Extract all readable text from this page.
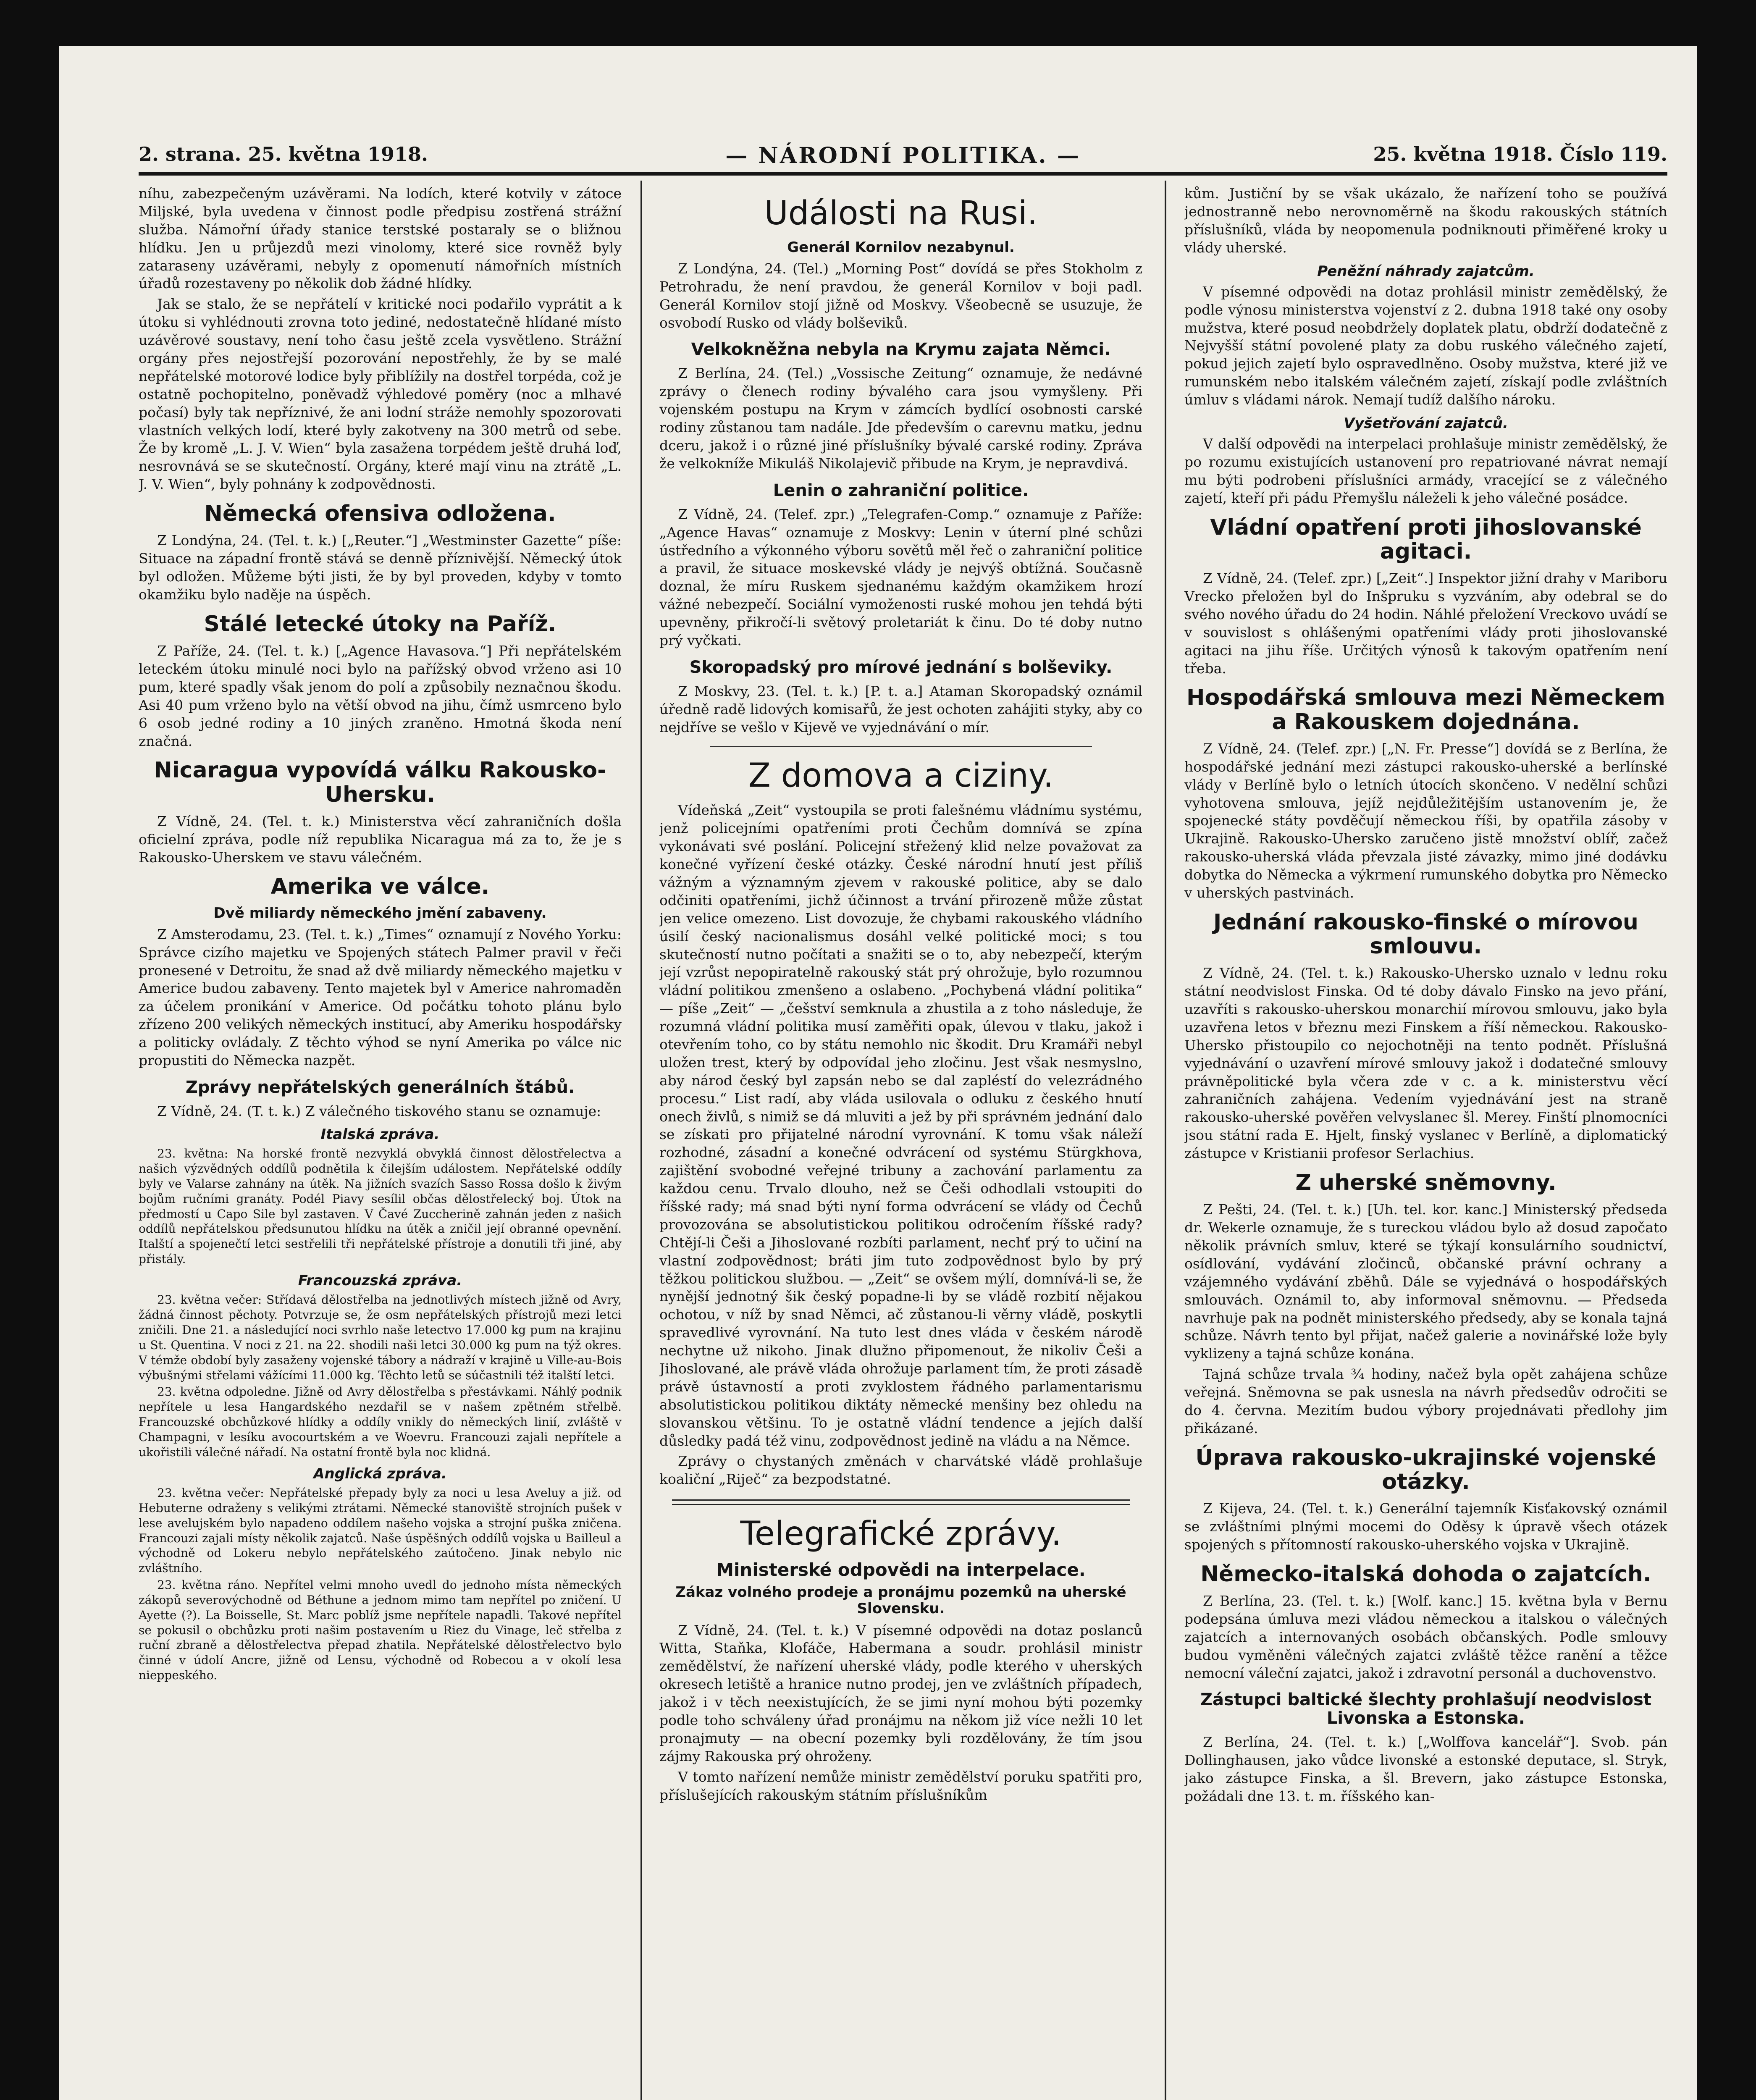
2. strana. 25. května 1918.	— NÁRODNÍ POLITIKA. —	25. května 1918. Číslo 119.

níhu, zabezpečeným uzávěrami. Na lodích, které kotvily v zátoce Miljské, byla uvedena v činnost podle předpisu zostřená strážní služba. Námořní úřady stanice terstské postaraly se o bližnou hlídku. Jen u průjezdů mezi vinolomy, které sice rovněž byly zataraseny uzávěrami, nebyly z opomenutí námořních místních úřadů rozestaveny po několik dob žádné hlídky.

Jak se stalo, že se nepřátelí v kritické noci podařilo vyprátit a k útoku si vyhlédnouti zrovna toto jediné, nedostatečně hlídané místo uzávěrové soustavy, není toho času ještě zcela vysvětleno. Strážní orgány přes nejostřejší pozorování nepostřehly, že by se malé nepřátelské motorové lodice byly přiblížily na dostřel torpéda, což je ostatně pochopitelno, poněvadž výhledové poměry (noc a mlhavé počasí) byly tak nepříznivé, že ani lodní stráže nemohly spozorovati vlastních velkých lodí, které byly zakotveny na 300 metrů od sebe. Že by kromě „L. J. V. Wien“ byla zasažena torpédem ještě druhá loď, nesrovnává se se skutečností. Orgány, které mají vinu na ztrátě „L. J. V. Wien“, byly pohnány k zodpovědnosti.

Německá ofensiva odložena.

Z Londýna, 24. (Tel. t. k.) [„Reuter.“] „Westminster Gazette“ píše: Situace na západní frontě stává se denně příznivější. Německý útok byl odložen. Můžeme býti jisti, že by byl proveden, kdyby v tomto okamžiku bylo naděje na úspěch.

Stálé letecké útoky na Paříž.

Z Paříže, 24. (Tel. t. k.) [„Agence Havasova.“] Při nepřátelském leteckém útoku minulé noci bylo na pařížský obvod vrženo asi 10 pum, které spadly však jenom do polí a způsobily neznačnou škodu. Asi 40 pum vrženo bylo na větší obvod na jihu, čímž usmrceno bylo 6 osob jedné rodiny a 10 jiných zraněno. Hmotná škoda není značná.

Nicaragua vypovídá válku Rakousko-Uhersku.

Z Vídně, 24. (Tel. t. k.) Ministerstva věcí zahraničních došla oficielní zpráva, podle níž republika Nicaragua má za to, že je s Rakousko-Uherskem ve stavu válečném.

Amerika ve válce.
Dvě miliardy německého jmění zabaveny.

Z Amsterodamu, 23. (Tel. t. k.) „Times“ oznamují z Nového Yorku: Správce cizího majetku ve Spojených státech Palmer pravil v řeči pronesené v Detroitu, že snad až dvě miliardy německého majetku v Americe budou zabaveny. Tento majetek byl v Americe nahromaděn za účelem pronikání v Americe. Od počátku tohoto plánu bylo zřízeno 200 velikých německých institucí, aby Ameriku hospodářsky a politicky ovládaly. Z těchto výhod se nyní Amerika po válce nic propustiti do Německa nazpět.

Zprávy nepřátelských generálních štábů.

Z Vídně, 24. (T. t. k.) Z válečného tiskového stanu se oznamuje:

Italská zpráva.

23. května: Na horské frontě nezvyklá obvyklá činnost dělostřelectva a našich výzvědných oddílů podnětila k čilejším událostem. Nepřátelské oddíly byly ve Valarse zahnány na útěk. Na jižních svazích Sasso Rossa došlo k živým bojům ručními granáty. Podél Piavy sesílil občas dělostřelecký boj. Útok na předmostí u Capo Sile byl zastaven. V Čavé Zuccherině zahnán jeden z našich oddílů nepřátelskou předsunutou hlídku na útěk a zničil její obranné opevnění. Italští a spojenečtí letci sestřelili tři nepřátelské přístroje a donutili tři jiné, aby přistály.

Francouzská zpráva.

23. května večer: Střídavá dělostřelba na jednotlivých místech jižně od Avry, žádná činnost pěchoty. Potvrzuje se, že osm nepřátelských přístrojů mezi letci zničili. Dne 21. a následující noci svrhlo naše letectvo 17.000 kg pum na krajinu u St. Quentina. V noci z 21. na 22. shodili naši letci 30.000 kg pum na týž okres. V témže období byly zasaženy vojenské tábory a nádraží v krajině u Ville-au-Bois výbušnými střelami vážícími 11.000 kg. Těchto letů se súčastnili též italští letci.

23. května odpoledne. Jižně od Avry dělostřelba s přestávkami. Náhlý podnik nepřítele u lesa Hangardského nezdařil se v našem zpětném střelbě. Francouzské obchůzkové hlídky a oddíly vnikly do německých linií, zvláště v Champagni, v lesíku avocourtském a ve Woevru. Francouzi zajali nepřítele a ukořistili válečné nářadí. Na ostatní frontě byla noc klidná.

Anglická zpráva.

23. května večer: Nepřátelské přepady byly za noci u lesa Aveluy a již. od Hebuterne odraženy s velikými ztrátami. Německé stanoviště strojních pušek v lese avelujském bylo napadeno oddílem našeho vojska a strojní puška zničena. Francouzi zajali místy několik zajatců. Naše úspěšných oddílů vojska u Bailleul a východně od Lokeru nebylo nepřátelského zaútočeno. Jinak nebylo nic zvláštního.

23. května ráno. Nepřítel velmi mnoho uvedl do jednoho místa německých zákopů severovýchodně od Béthune a jednom mimo tam nepřítel po zničení. U Ayette (?). La Boisselle, St. Marc poblíž jsme nepřítele napadli. Takové nepřítel se pokusil o obchůzku proti našim postavením u Riez du Vinage, leč střelba z ruční zbraně a dělostřelectva přepad zhatila. Nepřátelské dělostřelectvo bylo činné v údolí Ancre, jižně od Lensu, východně od Robecou a v okolí lesa nieppeského.

Události na Rusi.
Generál Kornilov nezabynul.

Z Londýna, 24. (Tel.) „Morning Post“ dovídá se přes Stokholm z Petrohradu, že není pravdou, že generál Kornilov v boji padl. Generál Kornilov stojí jižně od Moskvy. Všeobecně se usuzuje, že osvobodí Rusko od vlády bolševiků.

Velkokněžna nebyla na Krymu zajata Němci.

Z Berlína, 24. (Tel.) „Vossische Zeitung“ oznamuje, že nedávné zprávy o členech rodiny bývalého cara jsou vymyšleny. Při vojenském postupu na Krym v zámcích bydlící osobnosti carské rodiny zůstanou tam nadále. Jde především o carevnu matku, jednu dceru, jakož i o různé jiné příslušníky bývalé carské rodiny. Zpráva že velkokníže Mikuláš Nikolajevič přibude na Krym, je nepravdivá.

Lenin o zahraniční politice.

Z Vídně, 24. (Telef. zpr.) „Telegrafen-Comp.“ oznamuje z Paříže: „Agence Havas“ oznamuje z Moskvy: Lenin v úterní plné schůzi ústředního a výkonného výboru sovětů měl řeč o zahraniční politice a pravil, že situace moskevské vlády je nejvýš obtížná. Současně doznal, že míru Ruskem sjednanému každým okamžikem hrozí vážné nebezpečí. Sociální vymoženosti ruské mohou jen tehdá býti upevněny, přikročí-li světový proletariát k činu. Do té doby nutno prý vyčkati.

Skoropadský pro mírové jednání s bolševiky.

Z Moskvy, 23. (Tel. t. k.) [P. t. a.] Ataman Skoropadský oznámil úředně radě lidových komisařů, že jest ochoten zahájiti styky, aby co nejdříve se vešlo v Kijevě ve vyjednávání o mír.

Z domova a ciziny.

Vídeňská „Zeit“ vystoupila se proti falešnému vládnímu systému, jenž policejními opatřeními proti Čechům domnívá se zpína vykonávati své poslání. Policejní střežený klid nelze považovat za konečné vyřízení české otázky. České národní hnutí jest příliš vážným a významným zjevem v rakouské politice, aby se dalo odčiniti opatřeními, jichž účinnost a trvání přirozeně může zůstat jen velice omezeno. List dovozuje, že chybami rakouského vládního úsilí český nacionalismus dosáhl velké politické moci; s tou skutečností nutno počítati a snažiti se o to, aby nebezpečí, kterým její vzrůst nepopiratelně rakouský stát prý ohrožuje, bylo rozumnou vládní politikou zmenšeno a oslabeno. „Pochybená vládní politika“ — píše „Zeit“ — „češství semknula a zhustila a z toho následuje, že rozumná vládní politika musí zaměřiti opak, úlevou v tlaku, jakož i otevřením toho, co by státu nemohlo nic škodit. Dru Kramáři nebyl uložen trest, který by odpovídal jeho zločinu. Jest však nesmyslno, aby národ český byl zapsán nebo se dal zapléstí do velezrádného procesu.“ List radí, aby vláda usilovala o odluku z českého hnutí onech živlů, s nimiž se dá mluviti a jež by při správném jednání dalo se získati pro přijatelné národní vyrovnání. K tomu však náleží rozhodné, zásadní a konečné odvrácení od systému Stürgkhova, zajištění svobodné veřejné tribuny a zachování parlamentu za každou cenu. Trvalo dlouho, než se Češi odhodlali vstoupiti do říšské rady; má snad býti nyní forma odvrácení se vlády od Čechů provozována se absolutistickou politikou odročením říšské rady? Chtějí-li Češi a Jihoslované rozbíti parlament, nechť prý to učiní na vlastní zodpovědnost; bráti jim tuto zodpovědnost bylo by prý těžkou politickou službou. — „Zeit“ se ovšem mýlí, domnívá-li se, že nynější jednotný šik český popadne-li by se vládě rozbití nějakou ochotou, v níž by snad Němci, ač zůstanou-li věrny vládě, poskytli spravedlivé vyrovnání. Na tuto lest dnes vláda v českém národě nechytne už nikoho. Jinak dlužno připomenout, že nikoliv Češi a Jihoslované, ale právě vláda ohrožuje parlament tím, že proti zásadě právě ústavností a proti zvyklostem řádného parlamentarismu absolutistickou politikou diktáty německé menšiny bez ohledu na slovanskou většinu. To je ostatně vládní tendence a jejích další důsledky padá též vinu, zodpovědnost jedině na vládu a na Němce.

Zprávy o chystaných změnách v charvátské vládě prohlašuje koaliční „Riječ“ za bezpodstatné.

Telegrafické zprávy.
Ministerské odpovědi na interpelace.
Zákaz volného prodeje a pronájmu pozemků na uherské Slovensku.

Z Vídně, 24. (Tel. t. k.) V písemné odpovědi na dotaz poslanců Witta, Staňka, Klofáče, Habermana a soudr. prohlásil ministr zemědělství, že nařízení uherské vlády, podle kterého v uherských okresech letiště a hranice nutno prodej, jen ve zvláštních případech, jakož i v těch neexistujících, že se jimi nyní mohou býti pozemky podle toho schváleny úřad pronájmu na někom již více nežli 10 let pronajmuty — na obecní pozemky byli rozdělovány, že tím jsou zájmy Rakouska prý ohroženy.

V tomto nařízení nemůže ministr zemědělství poruku spatřiti pro, příslušejících rakouským státním příslušníkům

kům. Justiční by se však ukázalo, že nařízení toho se používá jednostranně nebo nerovnoměrně na škodu rakouských státních příslušníků, vláda by neopomenula podniknouti přiměřené kroky u vlády uherské.

Peněžní náhrady zajatcům.

V písemné odpovědi na dotaz prohlásil ministr zemědělský, že podle výnosu ministerstva vojenství z 2. dubna 1918 také ony osoby mužstva, které posud neobdržely doplatek platu, obdrží dodatečně z Nejvyšší státní povolené platy za dobu ruského válečného zajetí, pokud jejich zajetí bylo ospravedlněno. Osoby mužstva, které již ve rumunském nebo italském válečném zajetí, získají podle zvláštních úmluv s vládami nárok. Nemají tudíž dalšího nároku.

Vyšetřování zajatců.

V další odpovědi na interpelaci prohlašuje ministr zemědělský, že po rozumu existujících ustanovení pro repatriované návrat nemají mu býti podrobeni příslušníci armády, vracející se z válečného zajetí, kteří při pádu Přemyšlu náleželi k jeho válečné posádce.

Vládní opatření proti jihoslovanské agitaci.

Z Vídně, 24. (Telef. zpr.) [„Zeit“.] Inspektor jižní drahy v Mariboru Vrecko přeložen byl do Inšpruku s vyzváním, aby odebral se do svého nového úřadu do 24 hodin. Náhlé přeložení Vreckovo uvádí se v souvislost s ohlášenými opatřeními vlády proti jihoslovanské agitaci na jihu říše. Určitých výnosů k takovým opatřením není třeba.

Hospodářská smlouva mezi Německem a Rakouskem dojednána.

Z Vídně, 24. (Telef. zpr.) [„N. Fr. Presse“] dovídá se z Berlína, že hospodářské jednání mezi zástupci rakousko-uherské a berlínské vlády v Berlíně bylo o letních útocích skončeno. V nedělní schůzi vyhotovena smlouva, jejíž nejdůležitějším ustanovením je, že spojenecké státy povděčují německou říši, by opatřila zásoby v Ukrajině. Rakousko-Uhersko zaručeno jistě množství oblíř, začež rakousko-uherská vláda převzala jisté závazky, mimo jiné dodávku dobytka do Německa a výkrmení rumunského dobytka pro Německo v uherských pastvinách.

Jednání rakousko-finské o mírovou smlouvu.

Z Vídně, 24. (Tel. t. k.) Rakousko-Uhersko uznalo v lednu roku státní neodvislost Finska. Od té doby dávalo Finsko na jevo přání, uzavříti s rakousko-uherskou monarchií mírovou smlouvu, jako byla uzavřena letos v březnu mezi Finskem a říší německou. Rakousko-Uhersko přistoupilo co nejochotněji na tento podnět. Příslušná vyjednávání o uzavření mírové smlouvy jakož i dodatečné smlouvy právněpolitické byla včera zde v c. a k. ministerstvu věcí zahraničních zahájena. Vedením vyjednávání jest na straně rakousko-uherské pověřen velvyslanec šl. Merey. Finští plnomocníci jsou státní rada E. Hjelt, finský vyslanec v Berlíně, a diplomatický zástupce v Kristianii profesor Serlachius.

Z uherské sněmovny.

Z Pešti, 24. (Tel. t. k.) [Uh. tel. kor. kanc.] Ministerský předseda dr. Wekerle oznamuje, že s tureckou vládou bylo až dosud započato několik právních smluv, které se týkají konsulárního soudnictví, osídlování, vydávání zločinců, občanské právní ochrany a vzájemného vydávání zběhů. Dále se vyjednává o hospodářských smlouvách. Oznámil to, aby informoval sněmovnu. — Předseda navrhuje pak na podnět ministerského předsedy, aby se konala tajná schůze. Návrh tento byl přijat, načež galerie a novinářské lože byly vyklizeny a tajná schůze konána.

Tajná schůze trvala ¾ hodiny, načež byla opět zahájena schůze veřejná. Sněmovna se pak usnesla na návrh předsedův odročiti se do 4. června. Mezitím budou výbory projednávati předlohy jim přikázané.

Úprava rakousko-ukrajinské vojenské otázky.

Z Kijeva, 24. (Tel. t. k.) Generální tajemník Kisťakovský oznámil se zvláštními plnými mocemi do Oděsy k úpravě všech otázek spojených s přítomností rakousko-uherského vojska v Ukrajině.

Německo-italská dohoda o zajatcích.

Z Berlína, 23. (Tel. t. k.) [Wolf. kanc.] 15. května byla v Bernu podepsána úmluva mezi vládou německou a italskou o válečných zajatcích a internovaných osobách občanských. Podle smlouvy budou vyměněni válečných zajatci zvláště těžce ranění a těžce nemocní váleční zajatci, jakož i zdravotní personál a duchovenstvo.

Zástupci baltické šlechty prohlašují neodvislost Livonska a Estonska.

Z Berlína, 24. (Tel. t. k.) [„Wolffova kancelář“]. Svob. pán Dollinghausen, jako vůdce livonské a estonské deputace, sl. Stryk, jako zástupce Finska, a šl. Brevern, jako zástupce Estonska, požádali dne 13. t. m. říšského kan-
